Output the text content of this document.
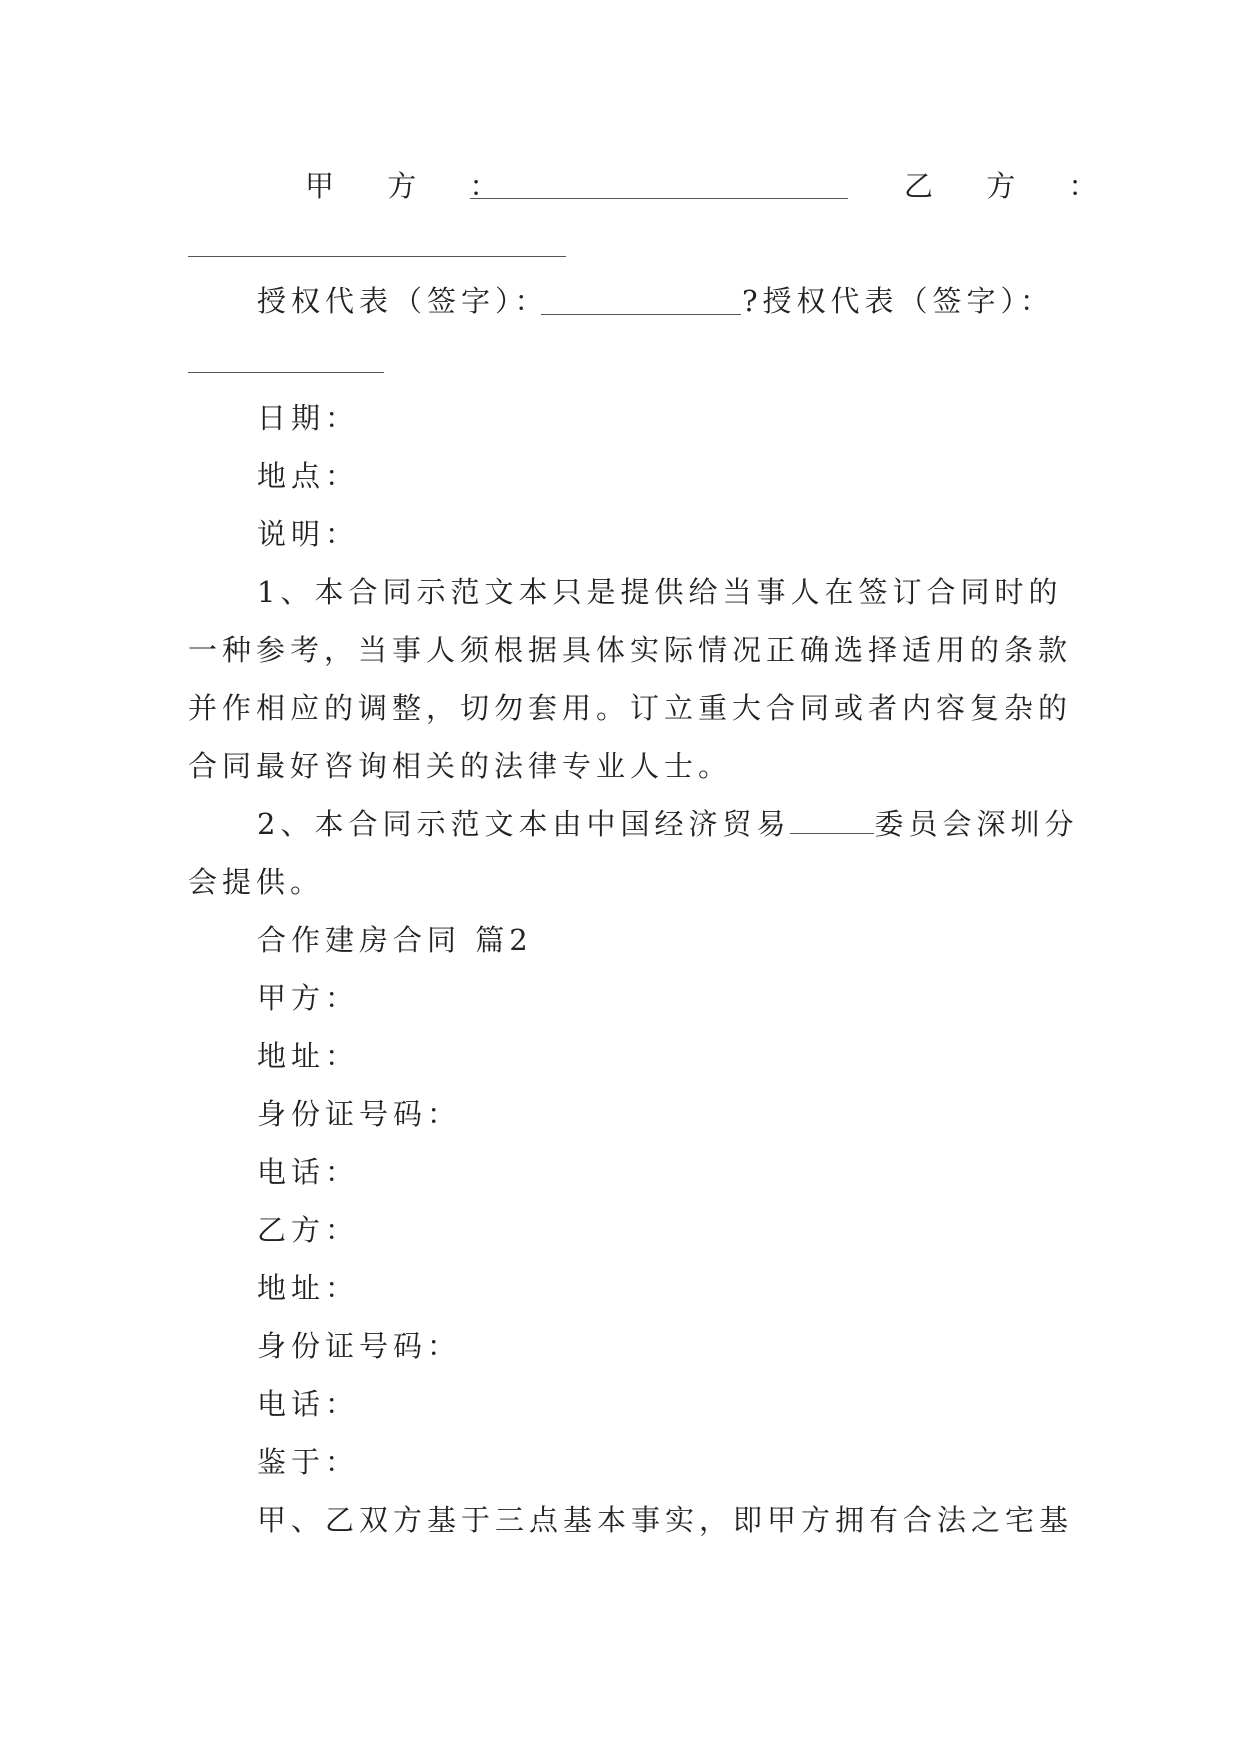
甲 方 ：	乙 方 ：
授权代表（签字）：	?授权代表（签字）：
日期：
地点：
说明：
1、本合同示范文本只是提供给当事人在签订合同时的
一种参考，当事人须根据具体实际情况正确选择适用的条款
并作相应的调整，切勿套用。订立重大合同或者内容复杂的
合同最好咨询相关的法律专业人士。
2、本合同示范文本由中国经济贸易	委员会深圳分
会提供。
合作建房合同 篇2
甲方：
地址：
身份证号码：
电话：
乙方：
地址：
身份证号码：
电话：
鉴于：
甲、乙双方基于三点基本事实，即甲方拥有合法之宅基
